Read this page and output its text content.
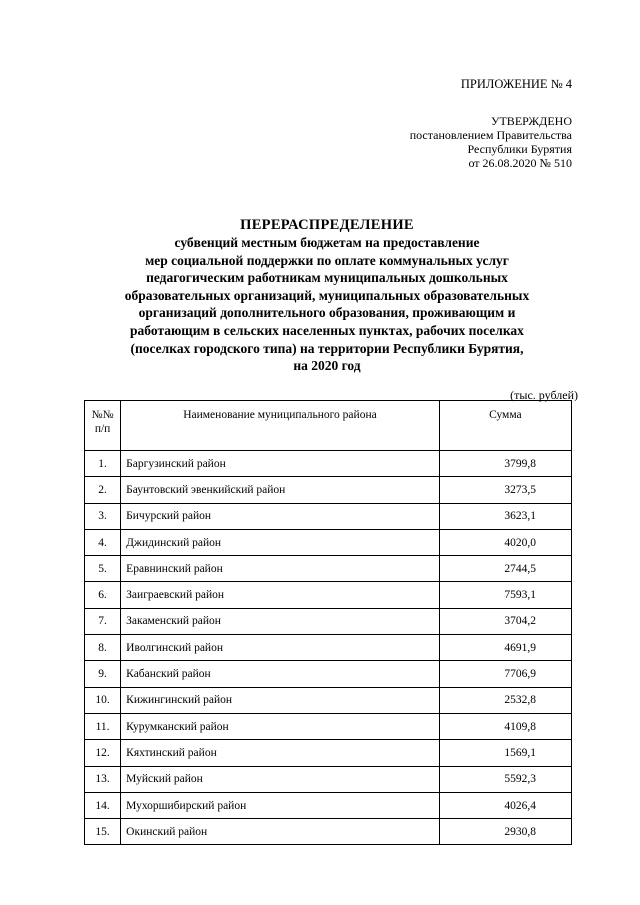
ПРИЛОЖЕНИЕ № 4
УТВЕРЖДЕНО
постановлением Правительства
Республики Бурятия
от 26.08.2020 № 510
ПЕРЕРАСПРЕДЕЛЕНИЕ
субвенций местным бюджетам на предоставление
мер социальной поддержки по оплате коммунальных услуг
педагогическим работникам муниципальных дошкольных
образовательных организаций, муниципальных образовательных
организаций дополнительного образования, проживающим и
работающим в сельских населенных пунктах, рабочих поселках
(поселках городского типа) на территории Республики Бурятия,
на 2020 год
(тыс. рублей)
№№
п/п	Наименование муниципального района	Сумма
1.	Баргузинский район	3799,8
2.	Баунтовский эвенкийский район	3273,5
3.	Бичурский район	3623,1
4.	Джидинский район	4020,0
5.	Еравнинский район	2744,5
6.	Заиграевский район	7593,1
7.	Закаменский район	3704,2
8.	Иволгинский район	4691,9
9.	Кабанский район	7706,9
10.	Кижингинский район	2532,8
11.	Курумканский район	4109,8
12.	Кяхтинский район	1569,1
13.	Муйский район	5592,3
14.	Мухоршибирский район	4026,4
15.	Окинский район	2930,8
